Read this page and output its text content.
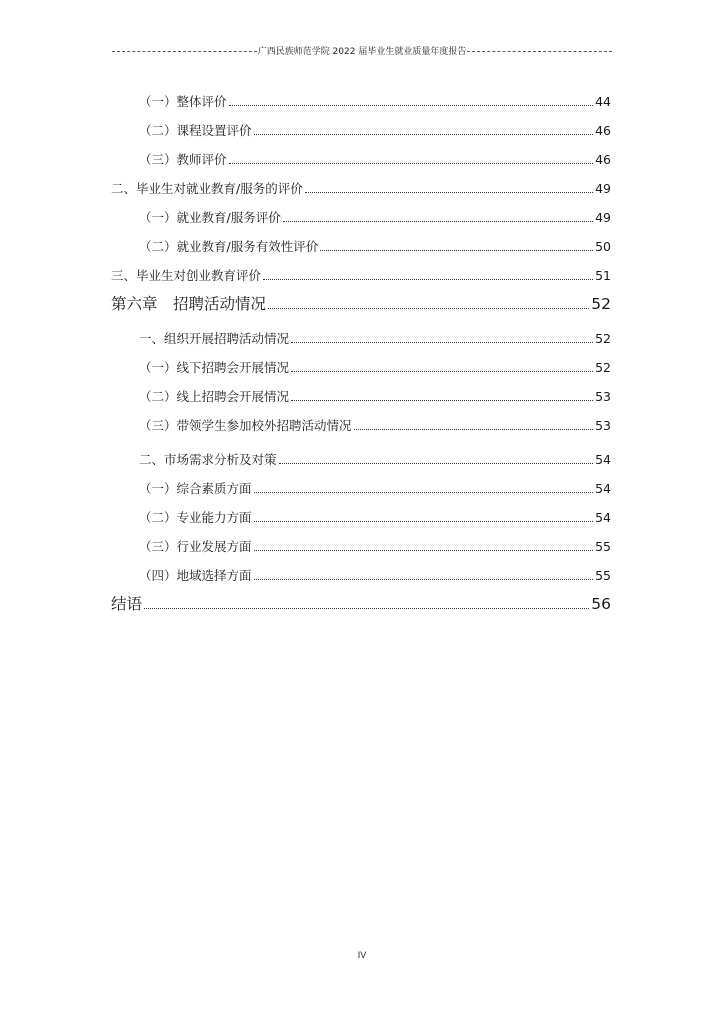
广西民族师范学院 2022 届毕业生就业质量年度报告
（一）整体评价	44
（二）课程设置评价	46
（三）教师评价	46
二、毕业生对就业教育/服务的评价	49
（一）就业教育/服务评价	49
（二）就业教育/服务有效性评价	50
三、毕业生对创业教育评价	51
第六章　招聘活动情况	52
一、组织开展招聘活动情况	52
（一）线下招聘会开展情况	52
（二）线上招聘会开展情况	53
（三）带领学生参加校外招聘活动情况	53
二、市场需求分析及对策	54
（一）综合素质方面	54
（二）专业能力方面	54
（三）行业发展方面	55
（四）地域选择方面	55
结语	56
IV
